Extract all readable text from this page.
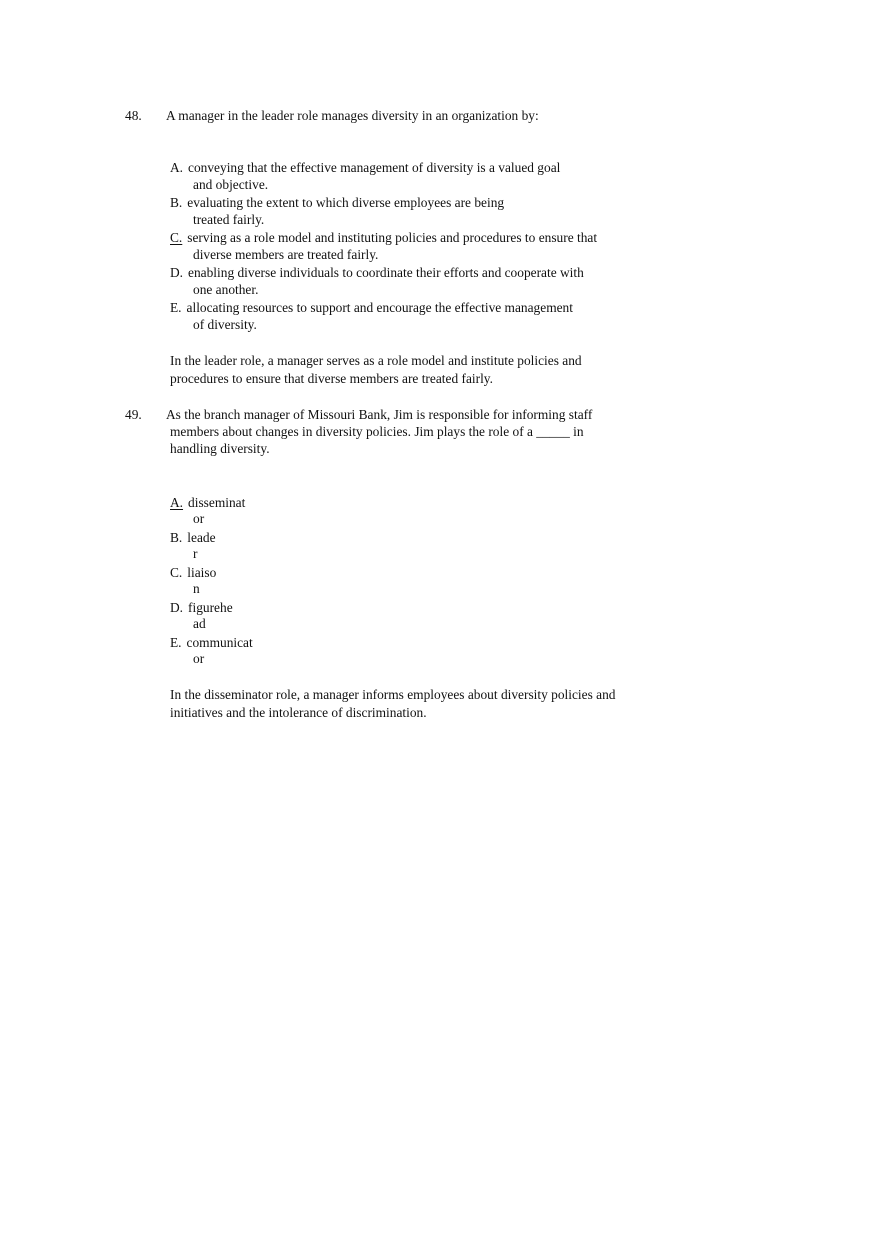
48. A manager in the leader role manages diversity in an organization by:
A. conveying that the effective management of diversity is a valued goal
and objective.
B. evaluating the extent to which diverse employees are being
treated fairly.
C. serving as a role model and instituting policies and procedures to ensure that
diverse members are treated fairly.
D. enabling diverse individuals to coordinate their efforts and cooperate with
one another.
E. allocating resources to support and encourage the effective management
of diversity.
In the leader role, a manager serves as a role model and institute policies and
procedures to ensure that diverse members are treated fairly.
49. As the branch manager of Missouri Bank, Jim is responsible for informing staff
members about changes in diversity policies. Jim plays the role of a _____ in
handling diversity.
A. disseminat
or
B. leade
r
C. liaiso
n
D. figurehe
ad
E. communicat
or
In the disseminator role, a manager informs employees about diversity policies and
initiatives and the intolerance of discrimination.
